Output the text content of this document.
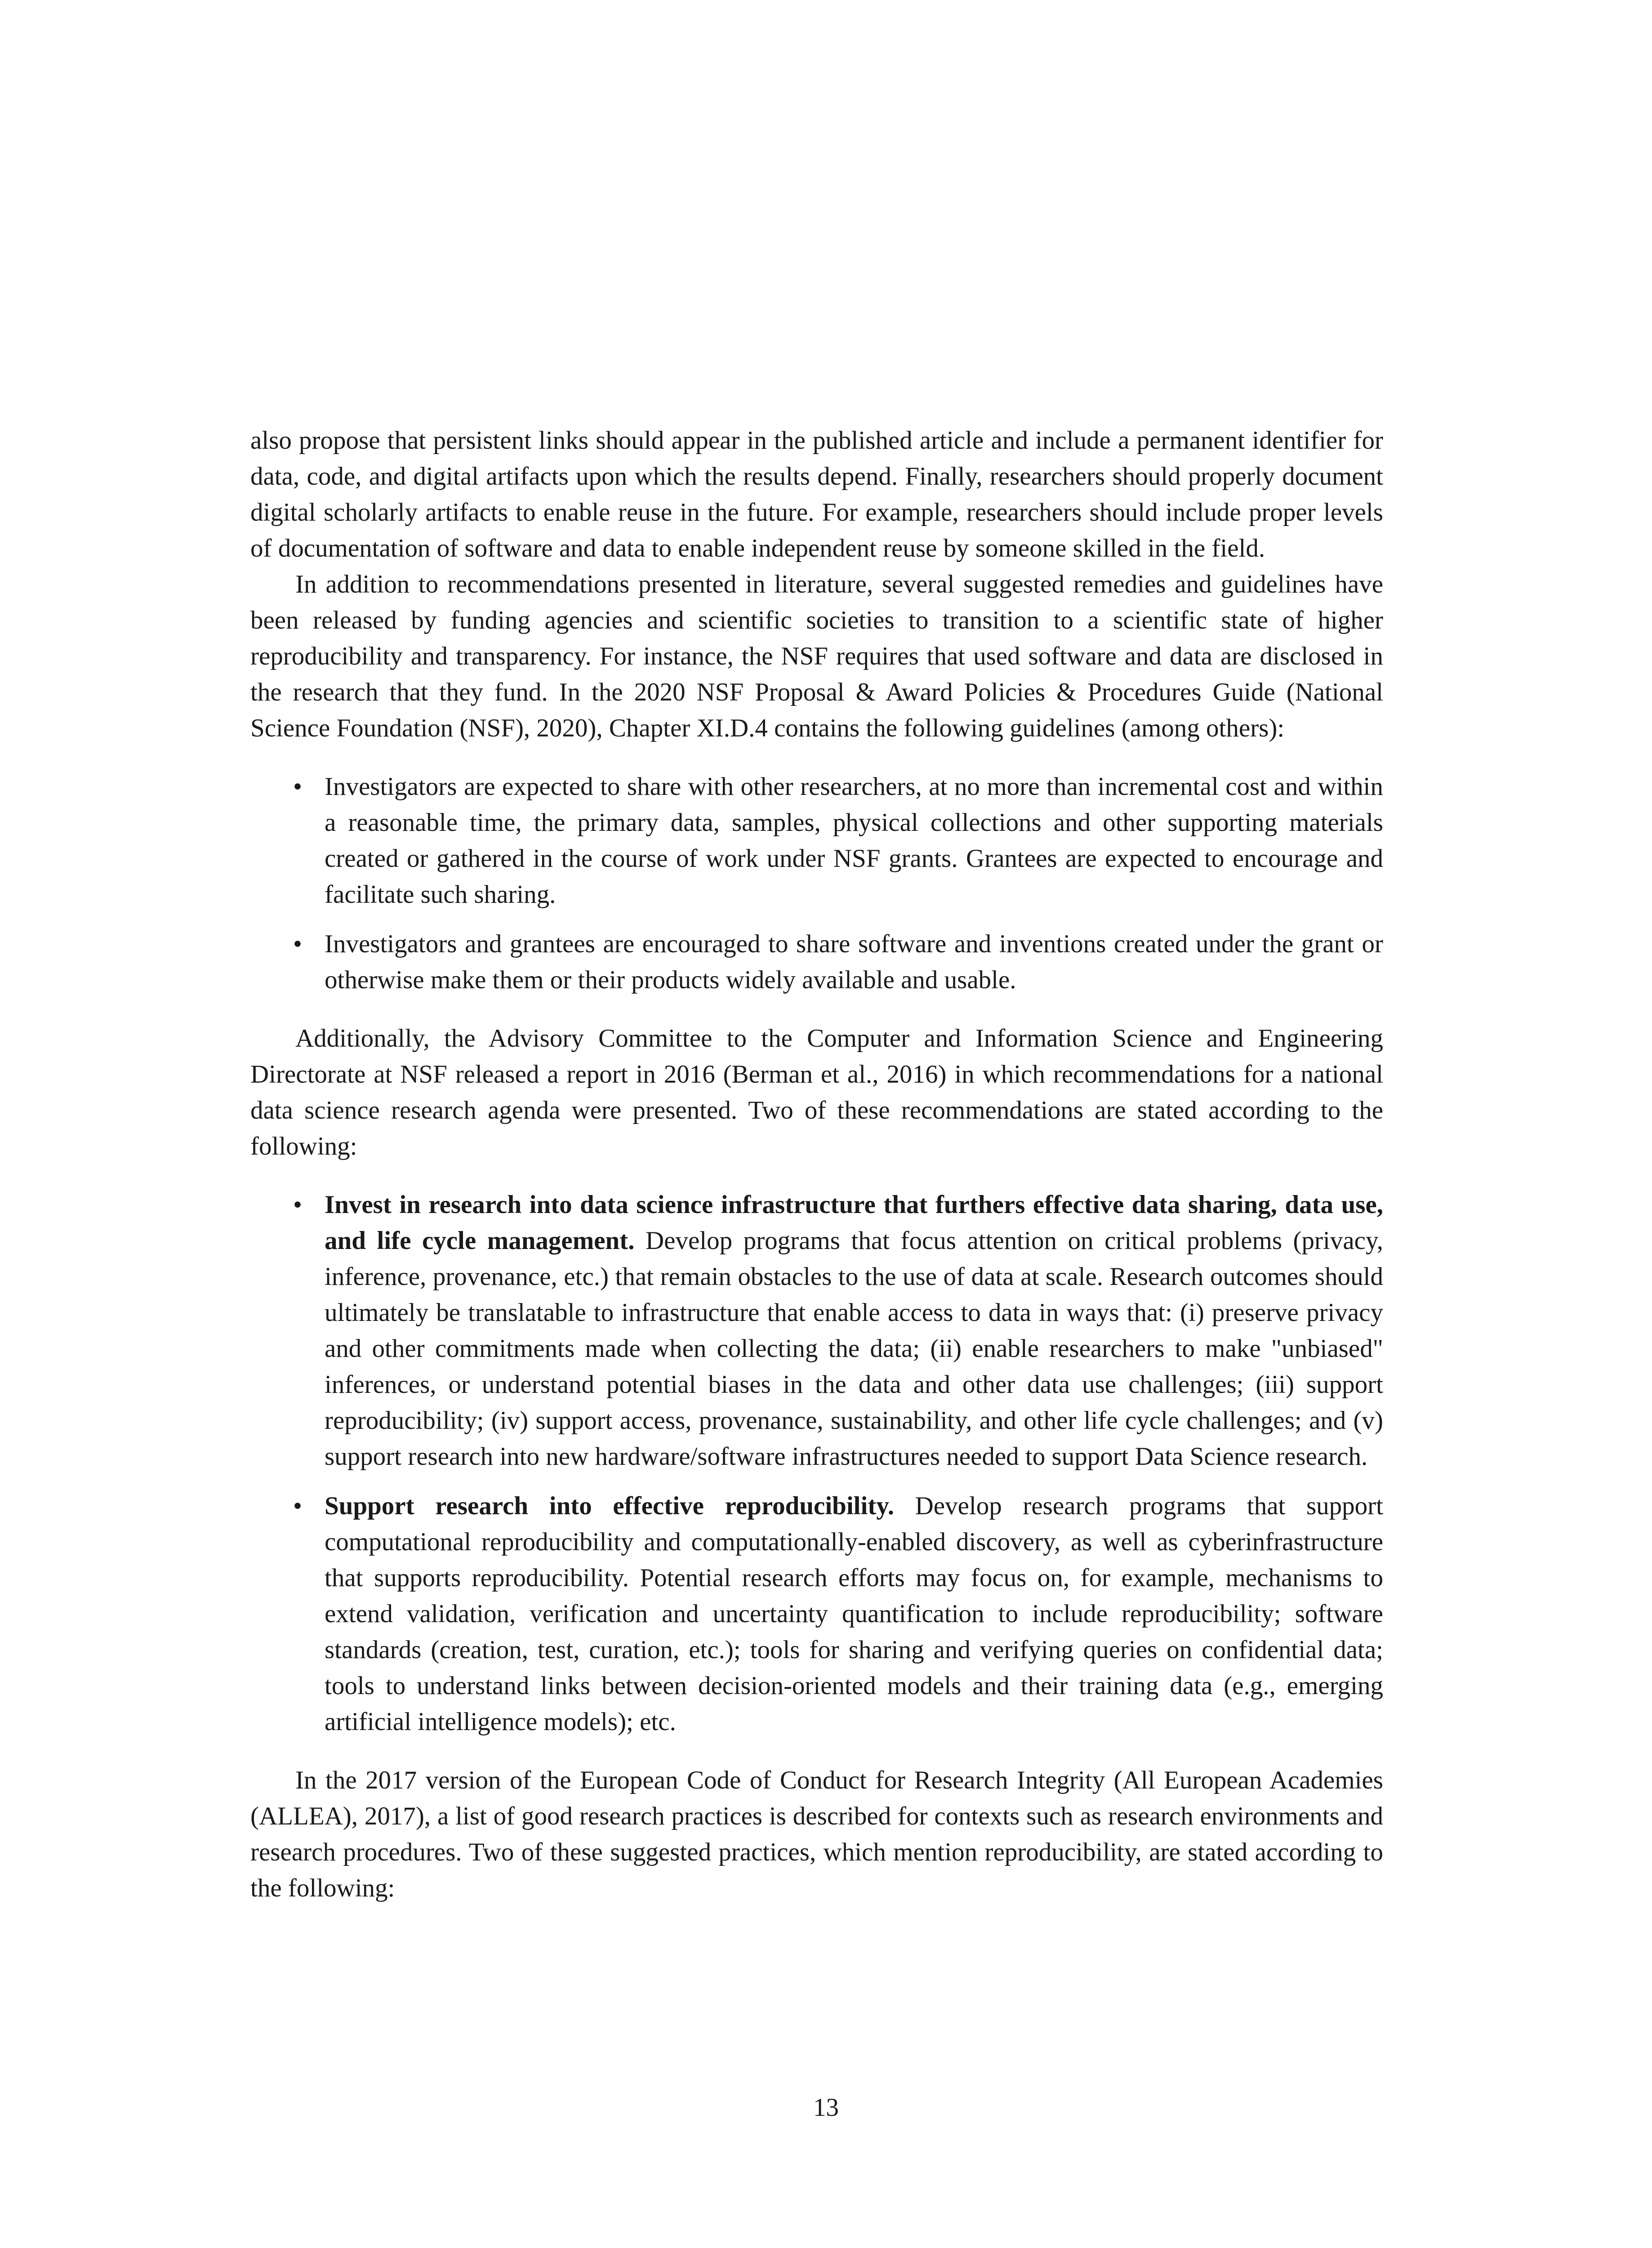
also propose that persistent links should appear in the published article and include a permanent identifier for data, code, and digital artifacts upon which the results depend. Finally, researchers should properly document digital scholarly artifacts to enable reuse in the future. For example, researchers should include proper levels of documentation of software and data to enable independent reuse by someone skilled in the field.

In addition to recommendations presented in literature, several suggested remedies and guidelines have been released by funding agencies and scientific societies to transition to a scientific state of higher reproducibility and transparency. For instance, the NSF requires that used software and data are disclosed in the research that they fund. In the 2020 NSF Proposal & Award Policies & Procedures Guide (National Science Foundation (NSF), 2020), Chapter XI.D.4 contains the following guidelines (among others):

• Investigators are expected to share with other researchers, at no more than incremental cost and within a reasonable time, the primary data, samples, physical collections and other supporting materials created or gathered in the course of work under NSF grants. Grantees are expected to encourage and facilitate such sharing.
• Investigators and grantees are encouraged to share software and inventions created under the grant or otherwise make them or their products widely available and usable.

Additionally, the Advisory Committee to the Computer and Information Science and Engineering Directorate at NSF released a report in 2016 (Berman et al., 2016) in which recommendations for a national data science research agenda were presented. Two of these recommendations are stated according to the following:

• Invest in research into data science infrastructure that furthers effective data sharing, data use, and life cycle management. Develop programs that focus attention on critical problems (privacy, inference, provenance, etc.) that remain obstacles to the use of data at scale. Research outcomes should ultimately be translatable to infrastructure that enable access to data in ways that: (i) preserve privacy and other commitments made when collecting the data; (ii) enable researchers to make "unbiased" inferences, or understand potential biases in the data and other data use challenges; (iii) support reproducibility; (iv) support access, provenance, sustainability, and other life cycle challenges; and (v) support research into new hardware/software infrastructures needed to support Data Science research.
• Support research into effective reproducibility. Develop research programs that support computational reproducibility and computationally-enabled discovery, as well as cyberinfrastructure that supports reproducibility. Potential research efforts may focus on, for example, mechanisms to extend validation, verification and uncertainty quantification to include reproducibility; software standards (creation, test, curation, etc.); tools for sharing and verifying queries on confidential data; tools to understand links between decision-oriented models and their training data (e.g., emerging artificial intelligence models); etc.

In the 2017 version of the European Code of Conduct for Research Integrity (All European Academies (ALLEA), 2017), a list of good research practices is described for contexts such as research environments and research procedures. Two of these suggested practices, which mention reproducibility, are stated according to the following:

13
